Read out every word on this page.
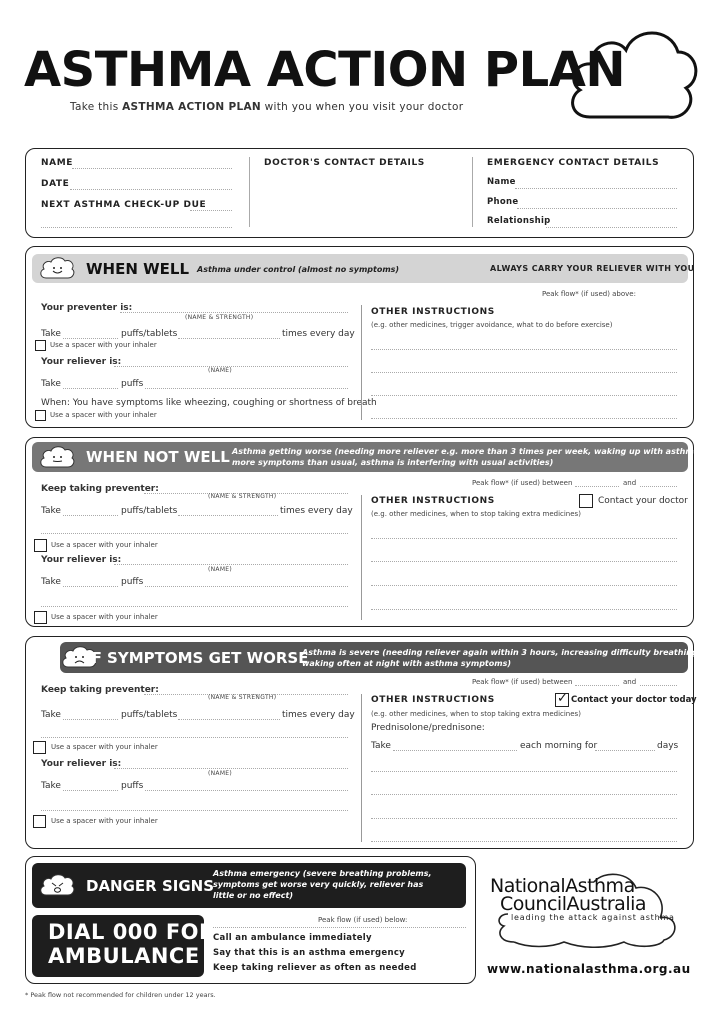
ASTHMA ACTION PLAN
Take this ASTHMA ACTION PLAN with you when you visit your doctor
NAME
DATE
NEXT ASTHMA CHECK-UP DUE
DOCTOR'S CONTACT DETAILS	EMERGENCY CONTACT DETAILS
Name
Phone
Relationship
WHEN WELL Asthma under control (almost no symptoms)	ALWAYS CARRY YOUR RELIEVER WITH YOU
Peak flow* (if used) above:
Your preventer is:
(NAME & STRENGTH)
Take	puffs/tablets	times every day
Use a spacer with your inhaler
Your reliever is:
(NAME)
Take	puffs
When: You have symptoms like wheezing, coughing or shortness of breath
Use a spacer with your inhaler
OTHER INSTRUCTIONS
(e.g. other medicines, trigger avoidance, what to do before exercise)
WHEN NOT WELL Asthma getting worse (needing more reliever e.g. more than 3 times per week, waking up with asthma,
more symptoms than usual, asthma is interfering with usual activities)
Peak flow* (if used) between	and
Keep taking preventer:
(NAME & STRENGTH)
Take	puffs/tablets	times every day
Use a spacer with your inhaler
Your reliever is:
(NAME)
Take	puffs
Use a spacer with your inhaler
OTHER INSTRUCTIONS	Contact your doctor
(e.g. other medicines, when to stop taking extra medicines)
IF SYMPTOMS GET WORSE
Asthma is severe (needing reliever again within 3 hours, increasing difficulty breathing,
waking often at night with asthma symptoms)
Peak flow* (if used) between	and
Keep taking preventer:
(NAME & STRENGTH)
Take	puffs/tablets	times every day
Use a spacer with your inhaler
Your reliever is:
(NAME)
Take	puffs
Use a spacer with your inhaler
OTHER INSTRUCTIONS	✓ Contact your doctor today
(e.g. other medicines, when to stop taking extra medicines)
Prednisolone/prednisone:
Take	each morning for	days
DANGER SIGNS
Asthma emergency (severe breathing problems,
symptoms get worse very quickly, reliever has
little or no effect)
DIAL 000 FOR
AMBULANCE
Peak flow (if used) below:
Call an ambulance immediately
Say that this is an asthma emergency
Keep taking reliever as often as needed
NationalAsthma
CouncilAustralia
leading the attack against asthma
www.nationalasthma.org.au
* Peak flow not recommended for children under 12 years.
